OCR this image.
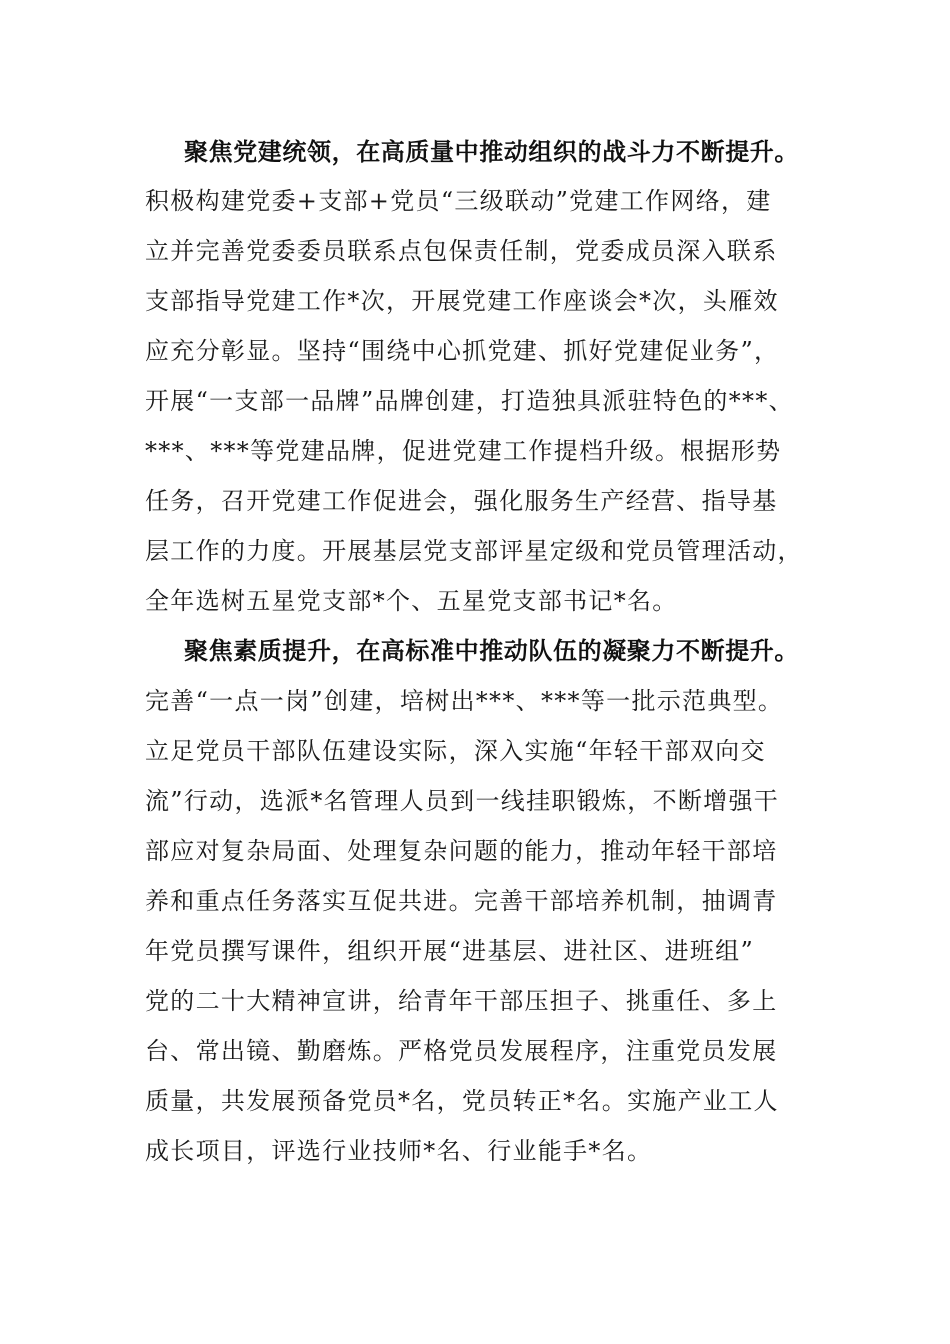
聚焦党建统领，在高质量中推动组织的战斗力不断提升。
积极构建党委+支部+党员“三级联动”党建工作网络，建
立并完善党委委员联系点包保责任制，党委成员深入联系
支部指导党建工作*次，开展党建工作座谈会*次，头雁效
应充分彰显。坚持“围绕中心抓党建、抓好党建促业务”，
开展“一支部一品牌”品牌创建，打造独具派驻特色的***、
***、***等党建品牌，促进党建工作提档升级。根据形势
任务，召开党建工作促进会，强化服务生产经营、指导基
层工作的力度。开展基层党支部评星定级和党员管理活动，
全年选树五星党支部*个、五星党支部书记*名。
聚焦素质提升，在高标准中推动队伍的凝聚力不断提升。
完善“一点一岗”创建，培树出***、***等一批示范典型。
立足党员干部队伍建设实际，深入实施“年轻干部双向交
流”行动，选派*名管理人员到一线挂职锻炼，不断增强干
部应对复杂局面、处理复杂问题的能力，推动年轻干部培
养和重点任务落实互促共进。完善干部培养机制，抽调青
年党员撰写课件，组织开展“进基层、进社区、进班组”
党的二十大精神宣讲，给青年干部压担子、挑重任、多上
台、常出镜、勤磨炼。严格党员发展程序，注重党员发展
质量，共发展预备党员*名，党员转正*名。实施产业工人
成长项目，评选行业技师*名、行业能手*名。
